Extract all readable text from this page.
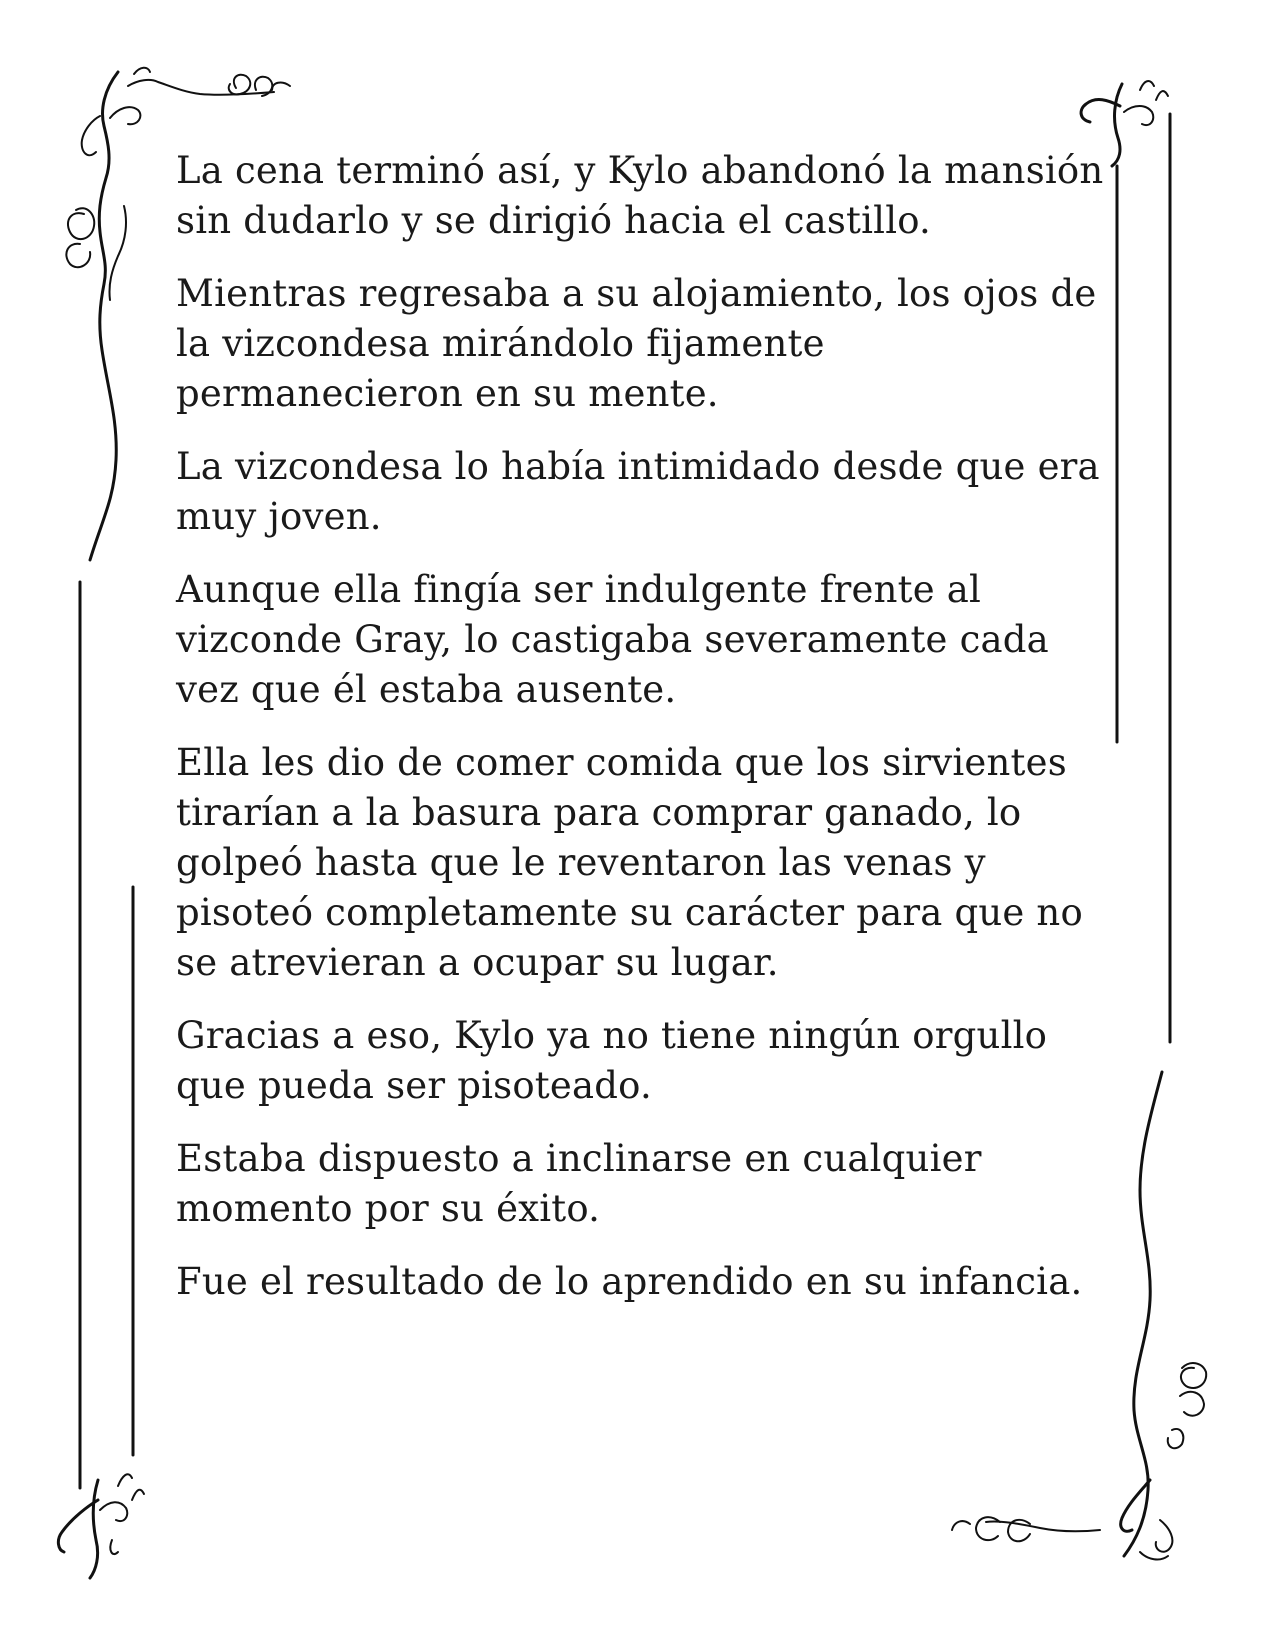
La cena terminó así, y Kylo abandonó la mansión sin dudarlo y se dirigió hacia el castillo.

Mientras regresaba a su alojamiento, los ojos de la vizcondesa mirándolo fijamente permanecieron en su mente.

La vizcondesa lo había intimidado desde que era muy joven.

Aunque ella fingía ser indulgente frente al vizconde Gray, lo castigaba severamente cada vez que él estaba ausente.

Ella les dio de comer comida que los sirvientes tirarían a la basura para comprar ganado, lo golpeó hasta que le reventaron las venas y pisoteó completamente su carácter para que no se atrevieran a ocupar su lugar.

Gracias a eso, Kylo ya no tiene ningún orgullo que pueda ser pisoteado.

Estaba dispuesto a inclinarse en cualquier momento por su éxito.

Fue el resultado de lo aprendido en su infancia.
